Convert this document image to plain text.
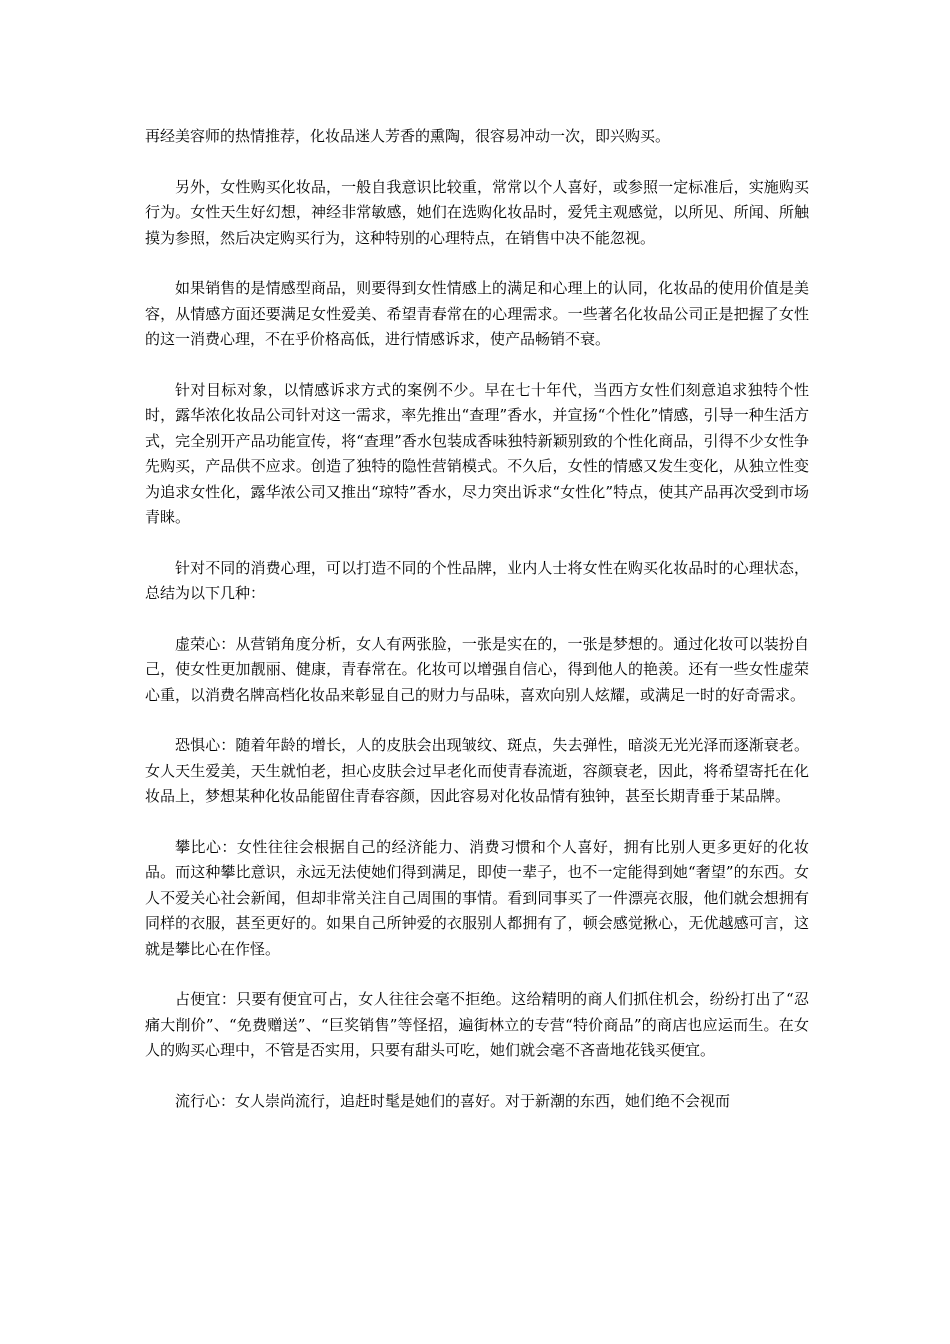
再经美容师的热情推荐，化妆品迷人芳香的熏陶，很容易冲动一次，即兴购买。

另外，女性购买化妆品，一般自我意识比较重，常常以个人喜好，或参照一定标准后，实施购买行为。女性天生好幻想，神经非常敏感，她们在选购化妆品时，爱凭主观感觉，以所见、所闻、所触摸为参照，然后决定购买行为，这种特别的心理特点，在销售中决不能忽视。

如果销售的是情感型商品，则要得到女性情感上的满足和心理上的认同，化妆品的使用价值是美容，从情感方面还要满足女性爱美、希望青春常在的心理需求。一些著名化妆品公司正是把握了女性的这一消费心理，不在乎价格高低，进行情感诉求，使产品畅销不衰。

针对目标对象，以情感诉求方式的案例不少。早在七十年代，当西方女性们刻意追求独特个性时，露华浓化妆品公司针对这一需求，率先推出“查理”香水，并宣扬“个性化”情感，引导一种生活方式，完全别开产品功能宣传，将“查理”香水包装成香味独特新颖别致的个性化商品，引得不少女性争先购买，产品供不应求。创造了独特的隐性营销模式。不久后，女性的情感又发生变化，从独立性变为追求女性化，露华浓公司又推出“琼特”香水，尽力突出诉求“女性化”特点，使其产品再次受到市场青睐。

针对不同的消费心理，可以打造不同的个性品牌，业内人士将女性在购买化妆品时的心理状态，总结为以下几种：

虚荣心：从营销角度分析，女人有两张脸，一张是实在的，一张是梦想的。通过化妆可以装扮自己，使女性更加靓丽、健康，青春常在。化妆可以增强自信心，得到他人的艳羡。还有一些女性虚荣心重，以消费名牌高档化妆品来彰显自己的财力与品味，喜欢向别人炫耀，或满足一时的好奇需求。

恐惧心：随着年龄的增长，人的皮肤会出现皱纹、斑点，失去弹性，暗淡无光光泽而逐渐衰老。女人天生爱美，天生就怕老，担心皮肤会过早老化而使青春流逝，容颜衰老，因此，将希望寄托在化妆品上，梦想某种化妆品能留住青春容颜，因此容易对化妆品情有独钟，甚至长期青垂于某品牌。

攀比心：女性往往会根据自己的经济能力、消费习惯和个人喜好，拥有比别人更多更好的化妆品。而这种攀比意识，永远无法使她们得到满足，即使一辈子，也不一定能得到她“奢望”的东西。女人不爱关心社会新闻，但却非常关注自己周围的事情。看到同事买了一件漂亮衣服，他们就会想拥有同样的衣服，甚至更好的。如果自己所钟爱的衣服别人都拥有了，顿会感觉揪心，无优越感可言，这就是攀比心在作怪。

占便宜：只要有便宜可占，女人往往会毫不拒绝。这给精明的商人们抓住机会，纷纷打出了“忍痛大削价”、“免费赠送”、“巨奖销售”等怪招，遍街林立的专营“特价商品”的商店也应运而生。在女人的购买心理中，不管是否实用，只要有甜头可吃，她们就会毫不吝啬地花钱买便宜。

流行心：女人崇尚流行，追赶时髦是她们的喜好。对于新潮的东西，她们绝不会视而
